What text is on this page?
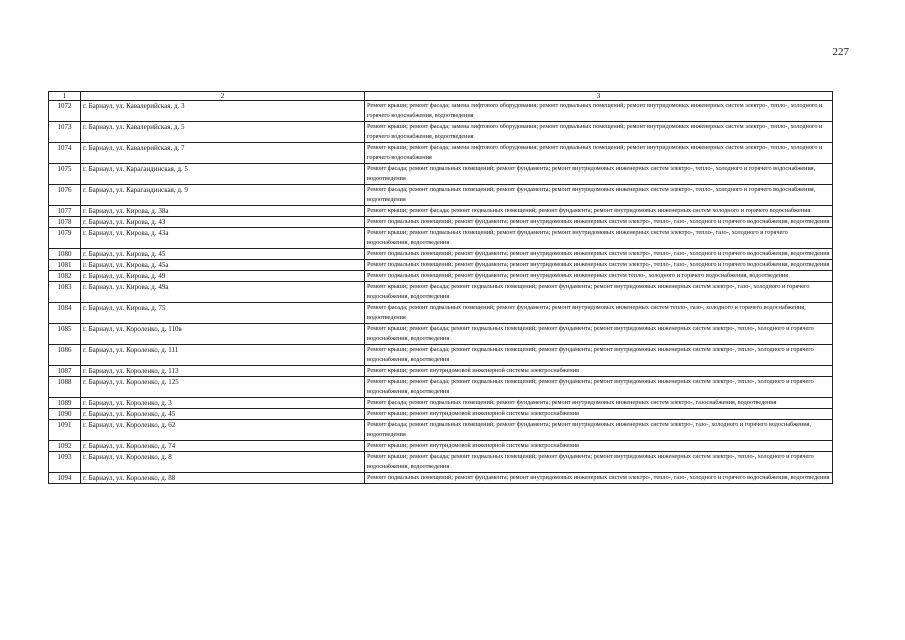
227
1	2	3
1072	г. Барнаул, ул. Кавалерийская, д. 3	Ремонт крыши; ремонт фасада; замена лифтового оборудования; ремонт подвальных помещений; ремонт внутридомовых инженерных систем электро-, тепло-, холодного и горячего водоснабжения, водоотведения
1073	г. Барнаул, ул. Кавалерийская, д. 5	Ремонт крыши; ремонт фасада; замена лифтового оборудования; ремонт подвальных помещений; ремонт внутридомовых инженерных систем электро-, тепло-, холодного и горячего водоснабжения, водоотведения
1074	г. Барнаул, ул. Кавалерийская, д. 7	Ремонт крыши; ремонт фасада; замена лифтового оборудования; ремонт подвальных помещений; ремонт внутридомовых инженерных систем электро-, тепло-, холодного и горячего водоснабжения
1075	г. Барнаул, ул. Карагандинская, д. 5	Ремонт фасада; ремонт подвальных помещений; ремонт фундамента; ремонт внутридомовых инженерных систем электро-, тепло-, холодного и горячего водоснабжения, водоотведения
1076	г. Барнаул, ул. Карагандинская, д. 9	Ремонт фасада; ремонт подвальных помещений; ремонт фундамента; ремонт внутридомовых инженерных систем электро-, тепло-, холодного и горячего водоснабжения, водоотведения
1077	г. Барнаул, ул. Кирова, д. 38а	Ремонт крыши; ремонт фасада; ремонт подвальных помещений; ремонт фундамента; ремонт внутридомовых инженерных систем холодного и горячего водоснабжения
1078	г. Барнаул, ул. Кирова, д. 43	Ремонт подвальных помещений; ремонт фундамента; ремонт внутридомовых инженерных систем электро-, тепло-, газо-, холодного и горячего водоснабжения, водоотведения
1079	г. Барнаул, ул. Кирова, д. 43а	Ремонт крыши; ремонт подвальных помещений; ремонт фундамента; ремонт внутридомовых инженерных систем электро-, тепло-, газо-, холодного и горячего водоснабжения, водоотведения
1080	г. Барнаул, ул. Кирова, д. 45	Ремонт подвальных помещений; ремонт фундамента; ремонт внутридомовых инженерных систем электро-, тепло-, газо-, холодного и горячего водоснабжения, водоотведения
1081	г. Барнаул, ул. Кирова, д. 45а	Ремонт подвальных помещений; ремонт фундамента; ремонт внутридомовых инженерных систем электро-, тепло-, газо-, холодного и горячего водоснабжения, водоотведения
1082	г. Барнаул, ул. Кирова, д. 49	Ремонт подвальных помещений; ремонт фундамента; ремонт внутридомовых инженерных систем тепло-, холодного и горячего водоснабжения, водоотведения
1083	г. Барнаул, ул. Кирова, д. 49а	Ремонт крыши; ремонт фасада; ремонт подвальных помещений; ремонт фундамента; ремонт внутридомовых инженерных систем электро-, газо-, холодного и горячего водоснабжения, водоотведения
1084	г. Барнаул, ул. Кирова, д. 75	Ремонт фасада; ремонт подвальных помещений; ремонт фундамента; ремонт внутридомовых инженерных систем тепло-, газо-, холодного и горячего водоснабжения, водоотведения
1085	г. Барнаул, ул. Короленко, д. 110в	Ремонт крыши; ремонт фасада; ремонт подвальных помещений; ремонт фундамента; ремонт внутридомовых инженерных систем электро-, тепло-, холодного и горячего водоснабжения, водоотведения
1086	г. Барнаул, ул. Короленко, д. 111	Ремонт крыши; ремонт фасада; ремонт подвальных помещений; ремонт фундамента; ремонт внутридомовых инженерных систем электро-, тепло-, холодного и горячего водоснабжения, водоотведения
1087	г. Барнаул, ул. Короленко, д. 113	Ремонт крыши; ремонт внутридомовой инженерной системы электроснабжения
1088	г. Барнаул, ул. Короленко, д. 125	Ремонт крыши; ремонт фасада; ремонт подвальных помещений; ремонт фундамента; ремонт внутридомовых инженерных систем электро-, тепло-, холодного и горячего водоснабжения, водоотведения
1089	г. Барнаул, ул. Короленко, д. 3	Ремонт фасада; ремонт подвальных помещений; ремонт фундамента; ремонт внутридомовых инженерных систем электро-, газоснабжения, водоотведения
1090	г. Барнаул, ул. Короленко, д. 45	Ремонт крыши; ремонт внутридомовой инженерной системы электроснабжения
1091	г. Барнаул, ул. Короленко, д. 62	Ремонт фасада; ремонт подвальных помещений; ремонт фундамента; ремонт внутридомовых инженерных систем электро-, газо-, холодного и горячего водоснабжения, водоотведения
1092	г. Барнаул, ул. Короленко, д. 74	Ремонт крыши; ремонт внутридомовой инженерной системы электроснабжения
1093	г. Барнаул, ул. Короленко, д. 8	Ремонт крыши; ремонт фасада; ремонт подвальных помещений; ремонт фундамента; ремонт внутридомовых инженерных систем электро-, тепло-, холодного и горячего водоснабжения, водоотведения
1094	г. Барнаул, ул. Короленко, д. 88	Ремонт подвальных помещений; ремонт фундамента; ремонт внутридомовых инженерных систем электро-, тепло-, газо-, холодного и горячего водоснабжения, водоотведения
